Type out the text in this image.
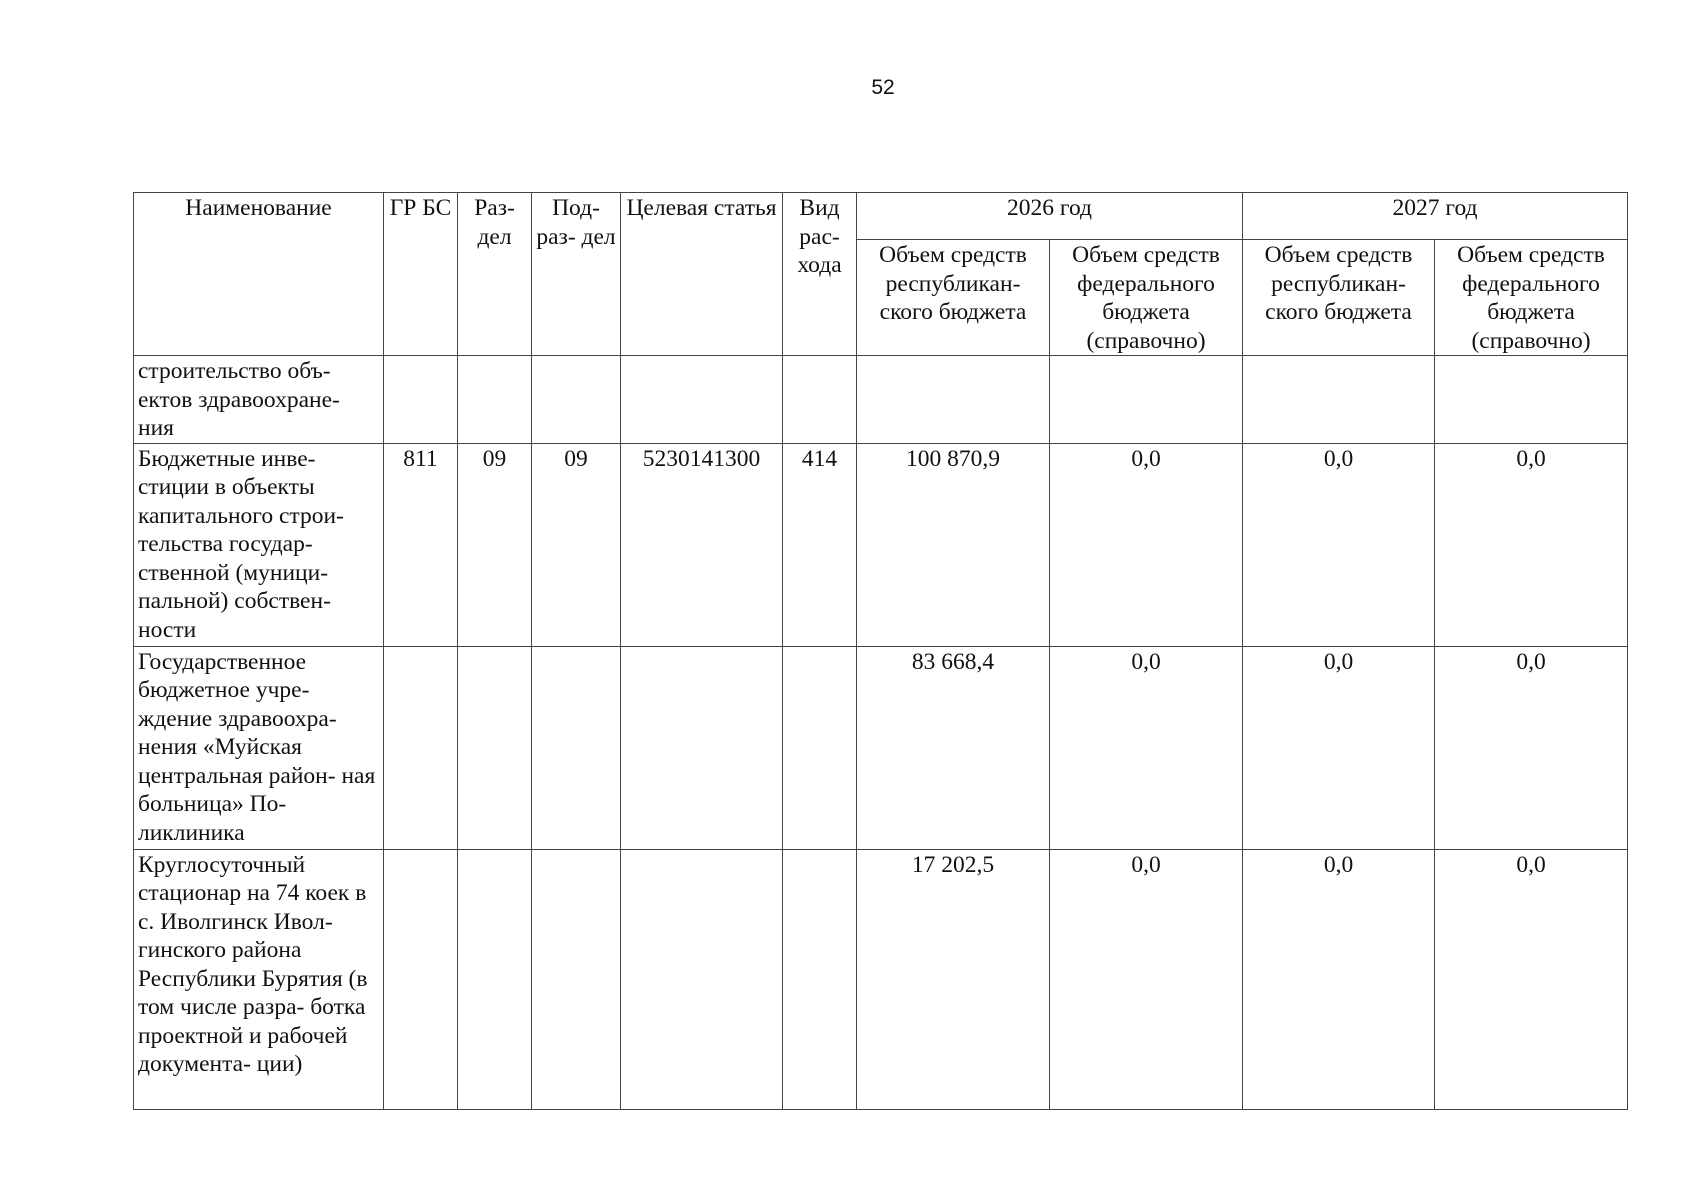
52
Наименование	ГР БС	Раз- дел	Под- раз- дел	Целевая статья	Вид рас- хода	2026 год		2027 год	
						Объем средств республикан- ского бюджета	Объем средств федерального бюджета (справочно)	Объем средств республикан- ского бюджета	Объем средств федерального бюджета (справочно)
строительство объ- ектов здравоохране- ния									
Бюджетные инве- стиции в объекты капитального строи- тельства государ- ственной (муници- пальной) собствен- ности	811	09	09	5230141300	414	100 870,9	0,0	0,0	0,0
Государственное бюджетное учре- ждение здравоохра- нения «Муйская центральная район- ная больница» По- ликлиника						83 668,4	0,0	0,0	0,0
Круглосуточный стационар на 74 коек в с. Иволгинск Ивол- гинского района Республики Бурятия (в том числе разра- ботка проектной и рабочей документа- ции)						17 202,5	0,0	0,0	0,0
